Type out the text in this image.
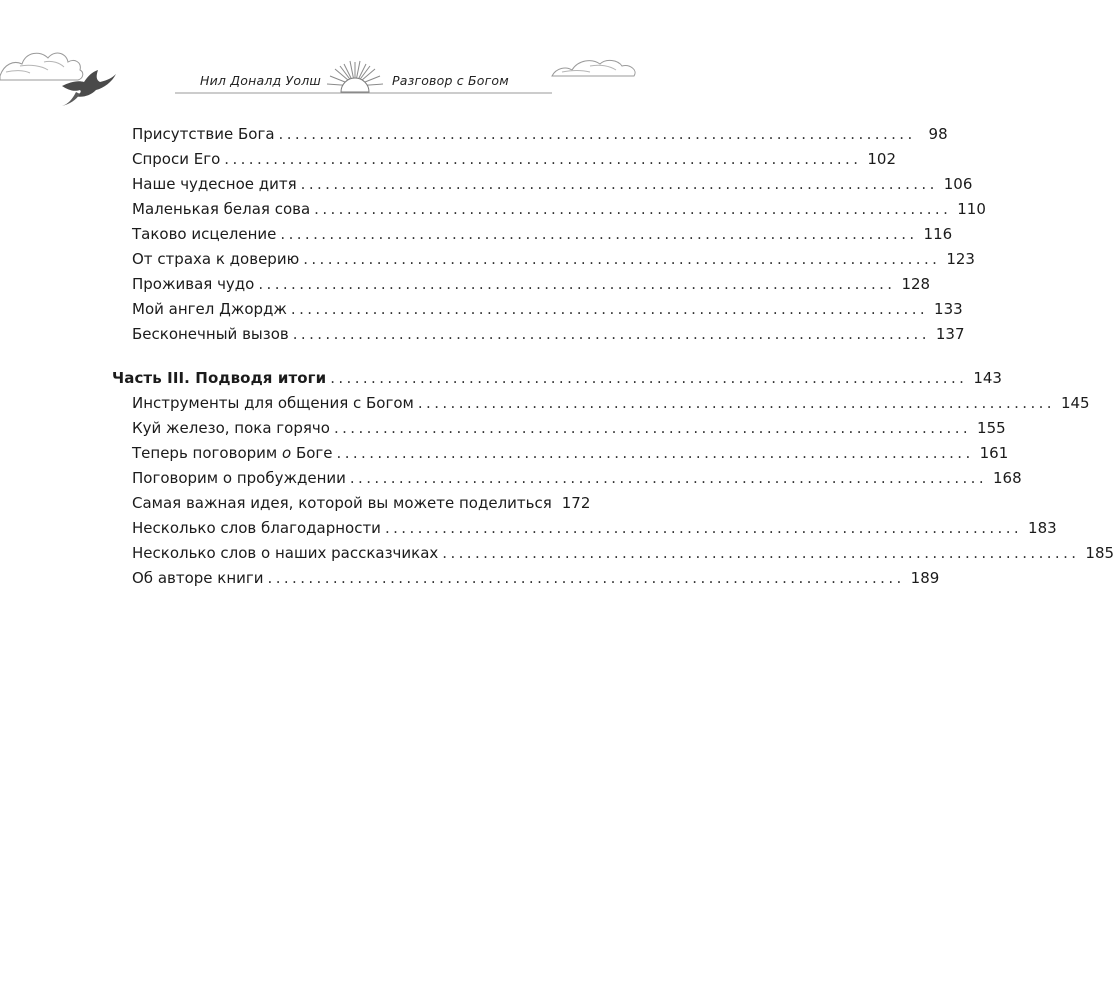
Нил Доналд Уолш	Разговор с Богом
Присутствие Бога .............................................................................. 98
Спроси Его .............................................................................. 102
Наше чудесное дитя .............................................................................. 106
Маленькая белая сова .............................................................................. 110
Таково исцеление .............................................................................. 116
От страха к доверию .............................................................................. 123
Проживая чудо .............................................................................. 128
Мой ангел Джордж .............................................................................. 133
Бесконечный вызов .............................................................................. 137
Часть III. Подводя итоги .............................................................................. 143
Инструменты для общения с Богом .............................................................................. 145
Куй железо, пока горячо .............................................................................. 155
Теперь поговорим о Боге .............................................................................. 161
Поговорим о пробуждении .............................................................................. 168
Самая важная идея, которой вы можете поделиться 172
Несколько слов благодарности .............................................................................. 183
Несколько слов о наших рассказчиках .............................................................................. 185
Об авторе книги .............................................................................. 189
